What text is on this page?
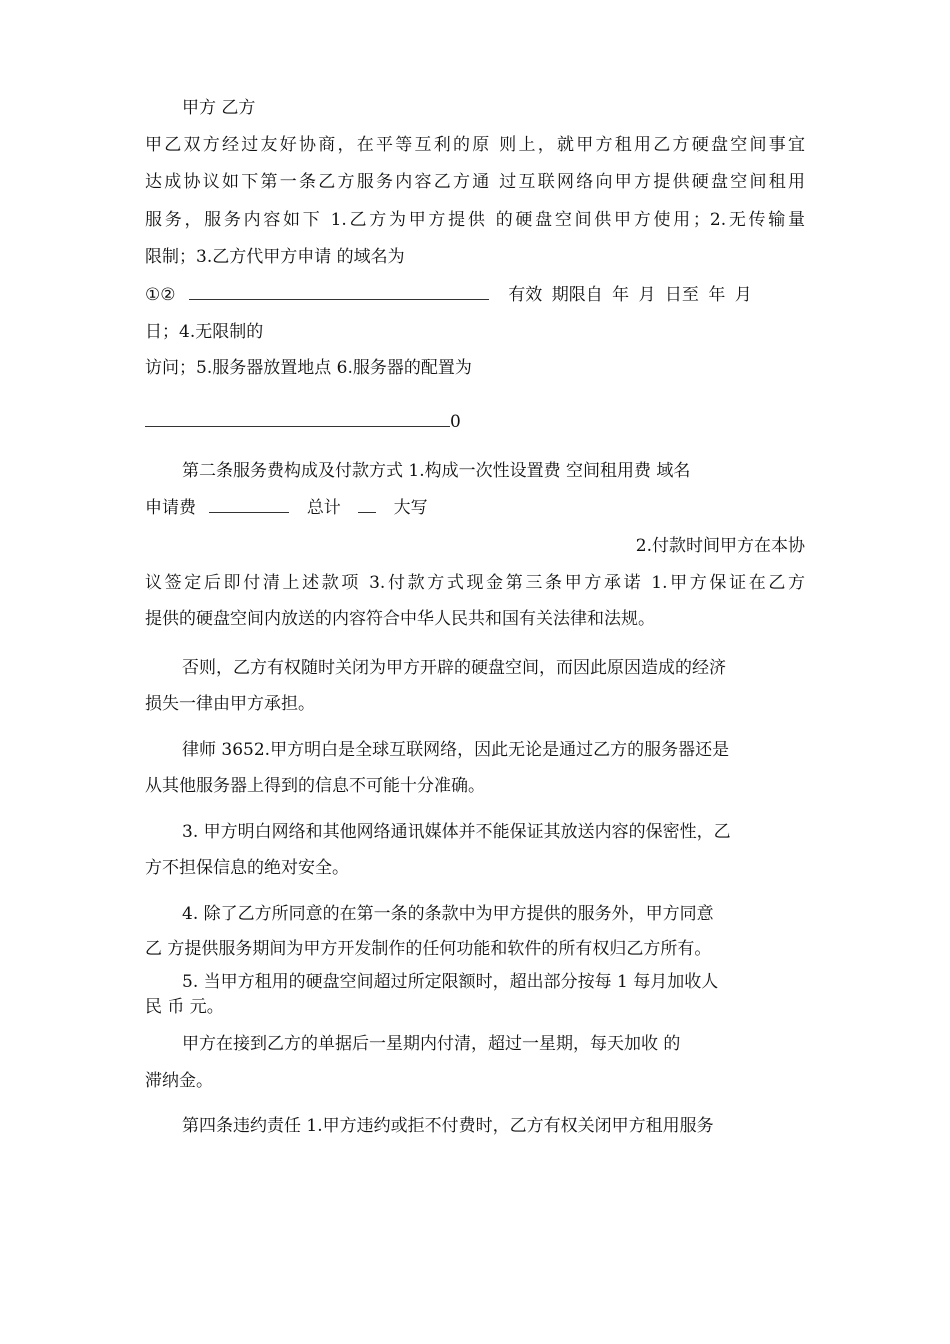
甲方 乙方

甲乙双方经过友好协商，在平等互利的原 则上，就甲方租用乙方硬盘空间事宜

达成协议如下第一条乙方服务内容乙方通 过互联网络向甲方提供硬盘空间租用

服务，服务内容如下 1.乙方为甲方提供 的硬盘空间供甲方使用；2.无传输量

限制；3.乙方代甲方申请 的域名为

①②	有效 期限自 年 月 日至 年 月

日；4.无限制的

访问；5.服务器放置地点 6.服务器的配置为

0

第二条服务费构成及付款方式 1.构成一次性设置费 空间租用费 域名

申请费	总计	大写

2.付款时间甲方在本协

议签定后即付清上述款项 3.付款方式现金第三条甲方承诺 1.甲方保证在乙方

提供的硬盘空间内放送的内容符合中华人民共和国有关法律和法规。

否则，乙方有权随时关闭为甲方开辟的硬盘空间，而因此原因造成的经济

损失一律由甲方承担。

律师 3652.甲方明白是全球互联网络，因此无论是通过乙方的服务器还是

从其他服务器上得到的信息不可能十分准确。

3. 甲方明白网络和其他网络通讯媒体并不能保证其放送内容的保密性，乙

方不担保信息的绝对安全。

4. 除了乙方所同意的在第一条的条款中为甲方提供的服务外，甲方同意

乙 方提供服务期间为甲方开发制作的任何功能和软件的所有权归乙方所有。

5. 当甲方租用的硬盘空间超过所定限额时，超出部分按每 1 每月加收人

民 币 元。

甲方在接到乙方的单据后一星期内付清，超过一星期，每天加收 的

滞纳金。

第四条违约责任 1.甲方违约或拒不付费时，乙方有权关闭甲方租用服务
